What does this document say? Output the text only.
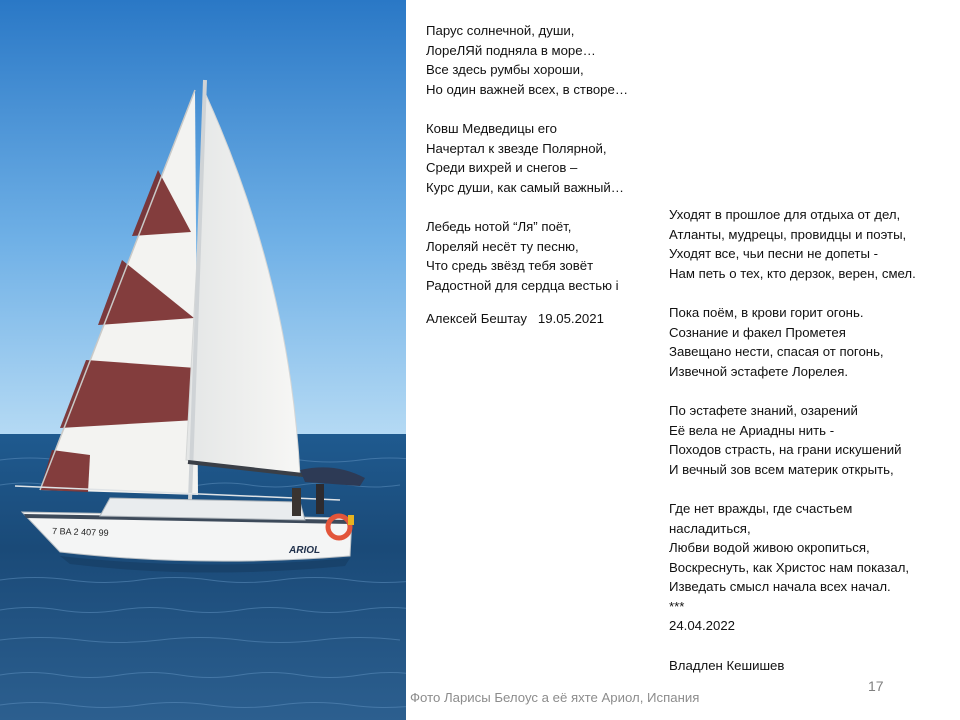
7 BA 2 407 99
ARIOL
Парус солнечной, души,
ЛореЛЯй подняла в море…
Все здесь румбы хороши,
Но один важней всех, в створе…
Ковш Медведицы его
Начертал к звезде Полярной,
Среди вихрей и снегов –
Курс души, как самый важный…
Лебедь нотой “Ля” поёт,
Лореляй несёт ту песню,
Что средь звёзд тебя зовёт
Радостной для сердца вестью і
Алексей Бештау   19.05.2021
Уходят в прошлое для отдыха от дел,
Атланты, мудрецы, провидцы и поэты,
Уходят все, чьи песни не допеты -
Нам петь о тех, кто дерзок, верен, смел.
Пока поём, в крови горит огонь.
Сознание и факел Прометея
Завещано нести, спасая от погонь,
Извечной эстафете Лорелея.
По эстафете знаний, озарений
Её вела не Ариадны нить -
Походов страсть, на грани искушений
И вечный зов всем материк открыть,
Где нет вражды, где счастьем
насладиться,
Любви водой живою окропиться,
Воскреснуть, как Христос нам показал,
Изведать смысл начала всех начал.
***
24.04.2022
Владлен Кешишев
17
Фото Ларисы Белоус а её яхте Ариол, Испания
